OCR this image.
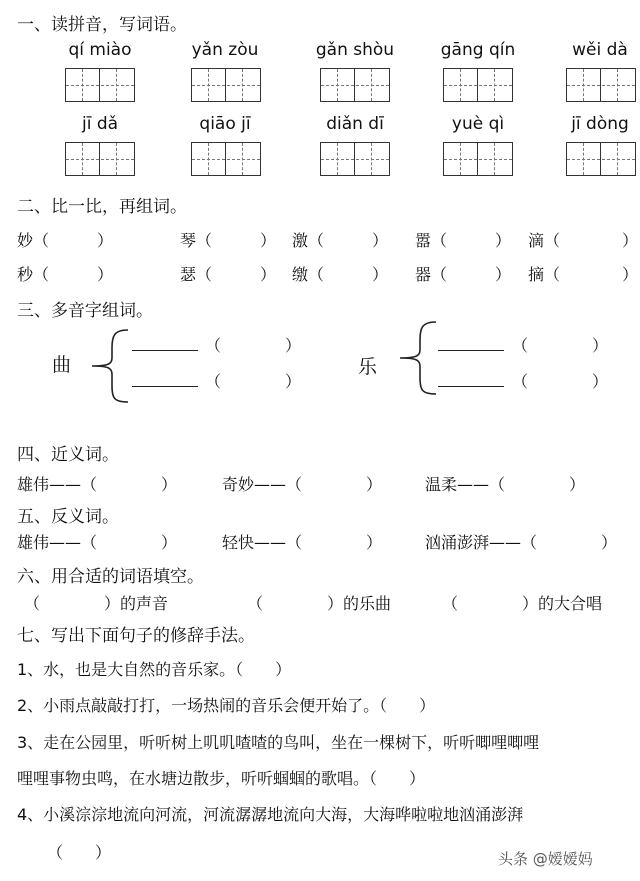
一、读拼音，写词语。
qí miào	yǎn zòu	gǎn shòu	gāng qín	wěi dà
jī dǎ	qiāo jī	diǎn dī	yuè qì	jī dòng
二、比一比，再组词。
妙（　　　）	琴（　　　） 激（　　　） 嚣（　　　） 滴（	）
秒（　　　）	瑟（　　　） 缴（　　　） 器（　　　） 摘（	）
三、多音字组词。
曲
（　　　　）
（　　　　）
乐
（　　　　）
（　　　　）
四、近义词。
雄伟——（　　　　）	奇妙——（　　　　）	温柔——（　　　　）
五、反义词。
雄伟——（　　　　）	轻快——（　　　　）	汹涌澎湃——（　　　　）
六、用合适的词语填空。
（　　　　）的声音	（　　　　）的乐曲	（　　　　）的大合唱
七、写出下面句子的修辞手法。
1、水，也是大自然的音乐家。（　　）
2、小雨点敲敲打打，一场热闹的音乐会便开始了。（　　）
3、走在公园里，听听树上叽叽喳喳的鸟叫，坐在一棵树下，听听唧哩唧哩
哩哩事物虫鸣，在水塘边散步，听听蝈蝈的歌唱。（　　）
4、小溪淙淙地流向河流，河流潺潺地流向大海，大海哗啦啦地汹涌澎湃
（　　）	头条 @嫒嫒妈
